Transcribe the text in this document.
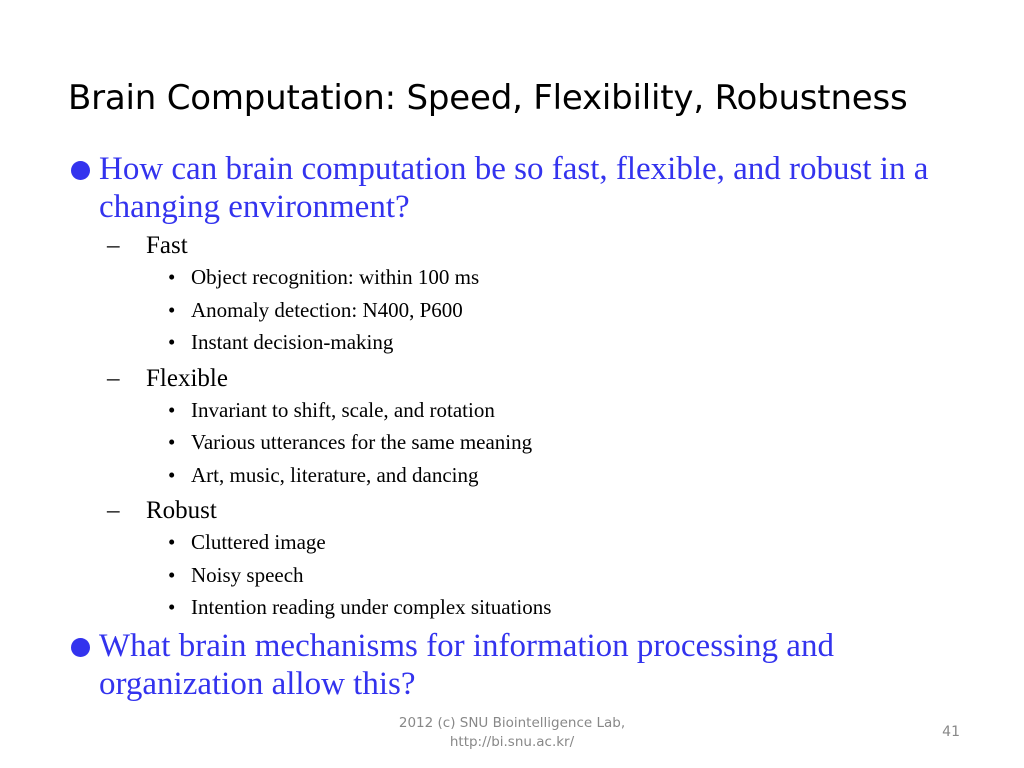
Brain Computation: Speed, Flexibility, Robustness
How can brain computation be so fast, flexible, and robust in a changing environment?
– Fast
• Object recognition: within 100 ms
• Anomaly detection: N400, P600
• Instant decision-making
– Flexible
• Invariant to shift, scale, and rotation
• Various utterances for the same meaning
• Art, music, literature, and dancing
– Robust
• Cluttered image
• Noisy speech
• Intention reading under complex situations
What brain mechanisms for information processing and organization allow this?
2012 (c) SNU Biointelligence Lab,
http://bi.snu.ac.kr/
41
